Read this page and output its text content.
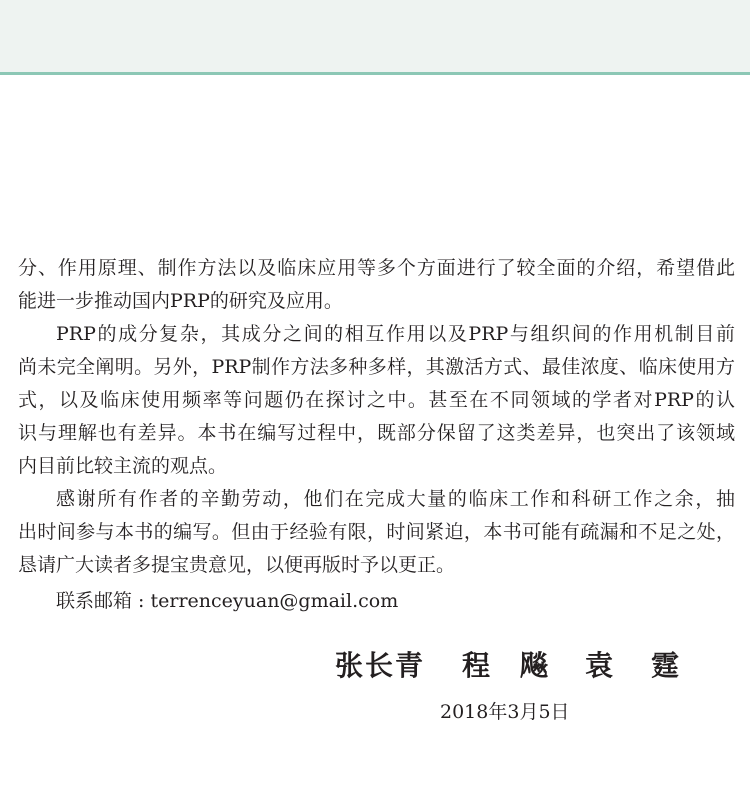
分、作用原理、制作方法以及临床应用等多个方面进行了较全面的介绍，希望借此
能进一步推动国内PRP的研究及应用。
PRP的成分复杂，其成分之间的相互作用以及PRP与组织间的作用机制目前
尚未完全阐明。另外，PRP制作方法多种多样，其激活方式、最佳浓度、临床使用方
式，以及临床使用频率等问题仍在探讨之中。甚至在不同领域的学者对PRP的认
识与理解也有差异。本书在编写过程中，既部分保留了这类差异，也突出了该领域
内目前比较主流的观点。
感谢所有作者的辛勤劳动，他们在完成大量的临床工作和科研工作之余，抽
出时间参与本书的编写。但由于经验有限，时间紧迫，本书可能有疏漏和不足之处，
恳请广大读者多提宝贵意见，以便再版时予以更正。
联系邮箱 : terrenceyuan@gmail.com
张长青 程飚 袁霆
2018年3月5日
